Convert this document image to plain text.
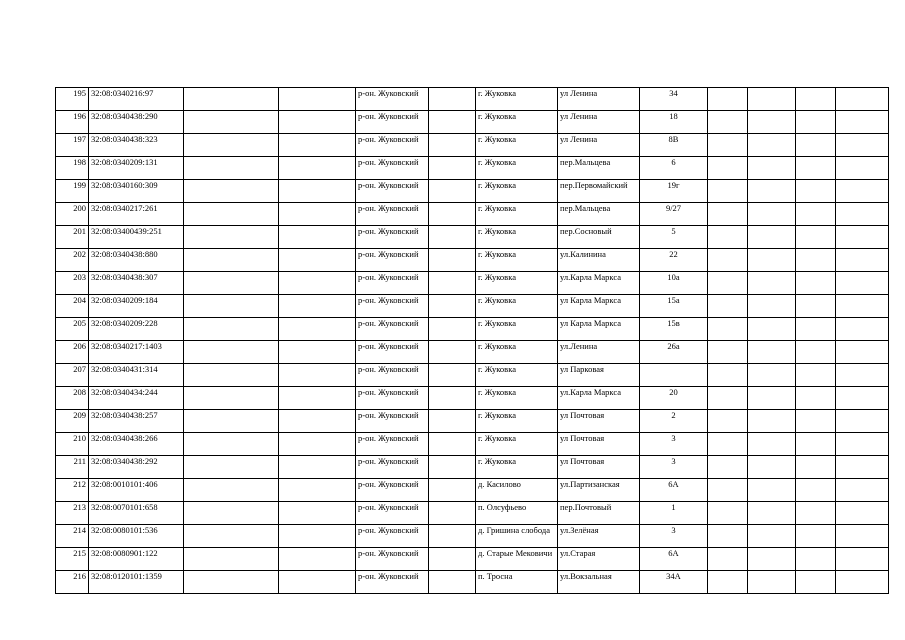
195	32:08:0340216:97			р-он. Жуковский		г. Жуковка	ул Ленина	34				
196	32:08:0340438:290			р-он. Жуковский		г. Жуковка	ул Ленина	18				
197	32:08:0340438:323			р-он. Жуковский		г. Жуковка	ул Ленина	8В				
198	32:08:0340209:131			р-он. Жуковский		г. Жуковка	пер.Мальцева	6				
199	32:08:0340160:309			р-он. Жуковский		г. Жуковка	пер.Первомайский	19г				
200	32:08:0340217:261			р-он. Жуковский		г. Жуковка	пер.Мальцева	9/27				
201	32:08:03400439:251			р-он. Жуковский		г. Жуковка	пер.Сосновый	5				
202	32:08:0340438:880			р-он. Жуковский		г. Жуковка	ул.Калинина	22				
203	32:08:0340438:307			р-он. Жуковский		г. Жуковка	ул.Карла Маркса	10а				
204	32:08:0340209:184			р-он. Жуковский		г. Жуковка	ул Карла Маркса	15а				
205	32:08:0340209:228			р-он. Жуковский		г. Жуковка	ул Карла Маркса	15в				
206	32:08:0340217:1403			р-он. Жуковский		г. Жуковка	ул.Ленина	26а				
207	32:08:0340431:314			р-он. Жуковский		г. Жуковка	ул Парковая					
208	32:08:0340434:244			р-он. Жуковский		г. Жуковка	ул.Карла Маркса	20				
209	32:08:0340438:257			р-он. Жуковский		г. Жуковка	ул Почтовая	2				
210	32:08:0340438:266			р-он. Жуковский		г. Жуковка	ул Почтовая	3				
211	32:08:0340438:292			р-он. Жуковский		г. Жуковка	ул Почтовая	3				
212	32:08:0010101:406			р-он. Жуковский		д. Касилово	ул.Партизанская	6А				
213	32:08:0070101:658			р-он. Жуковский		п. Олсуфьево	пер.Почтовый	1				
214	32:08:0080101:536			р-он. Жуковский		д. Гришина слобода	ул.Зелёная	3				
215	32:08:0080901:122			р-он. Жуковский		д. Старые Мековичи	ул.Старая	6А				
216	32:08:0120101:1359			р-он. Жуковский		п. Тросна	ул.Вокзальная	34А				
